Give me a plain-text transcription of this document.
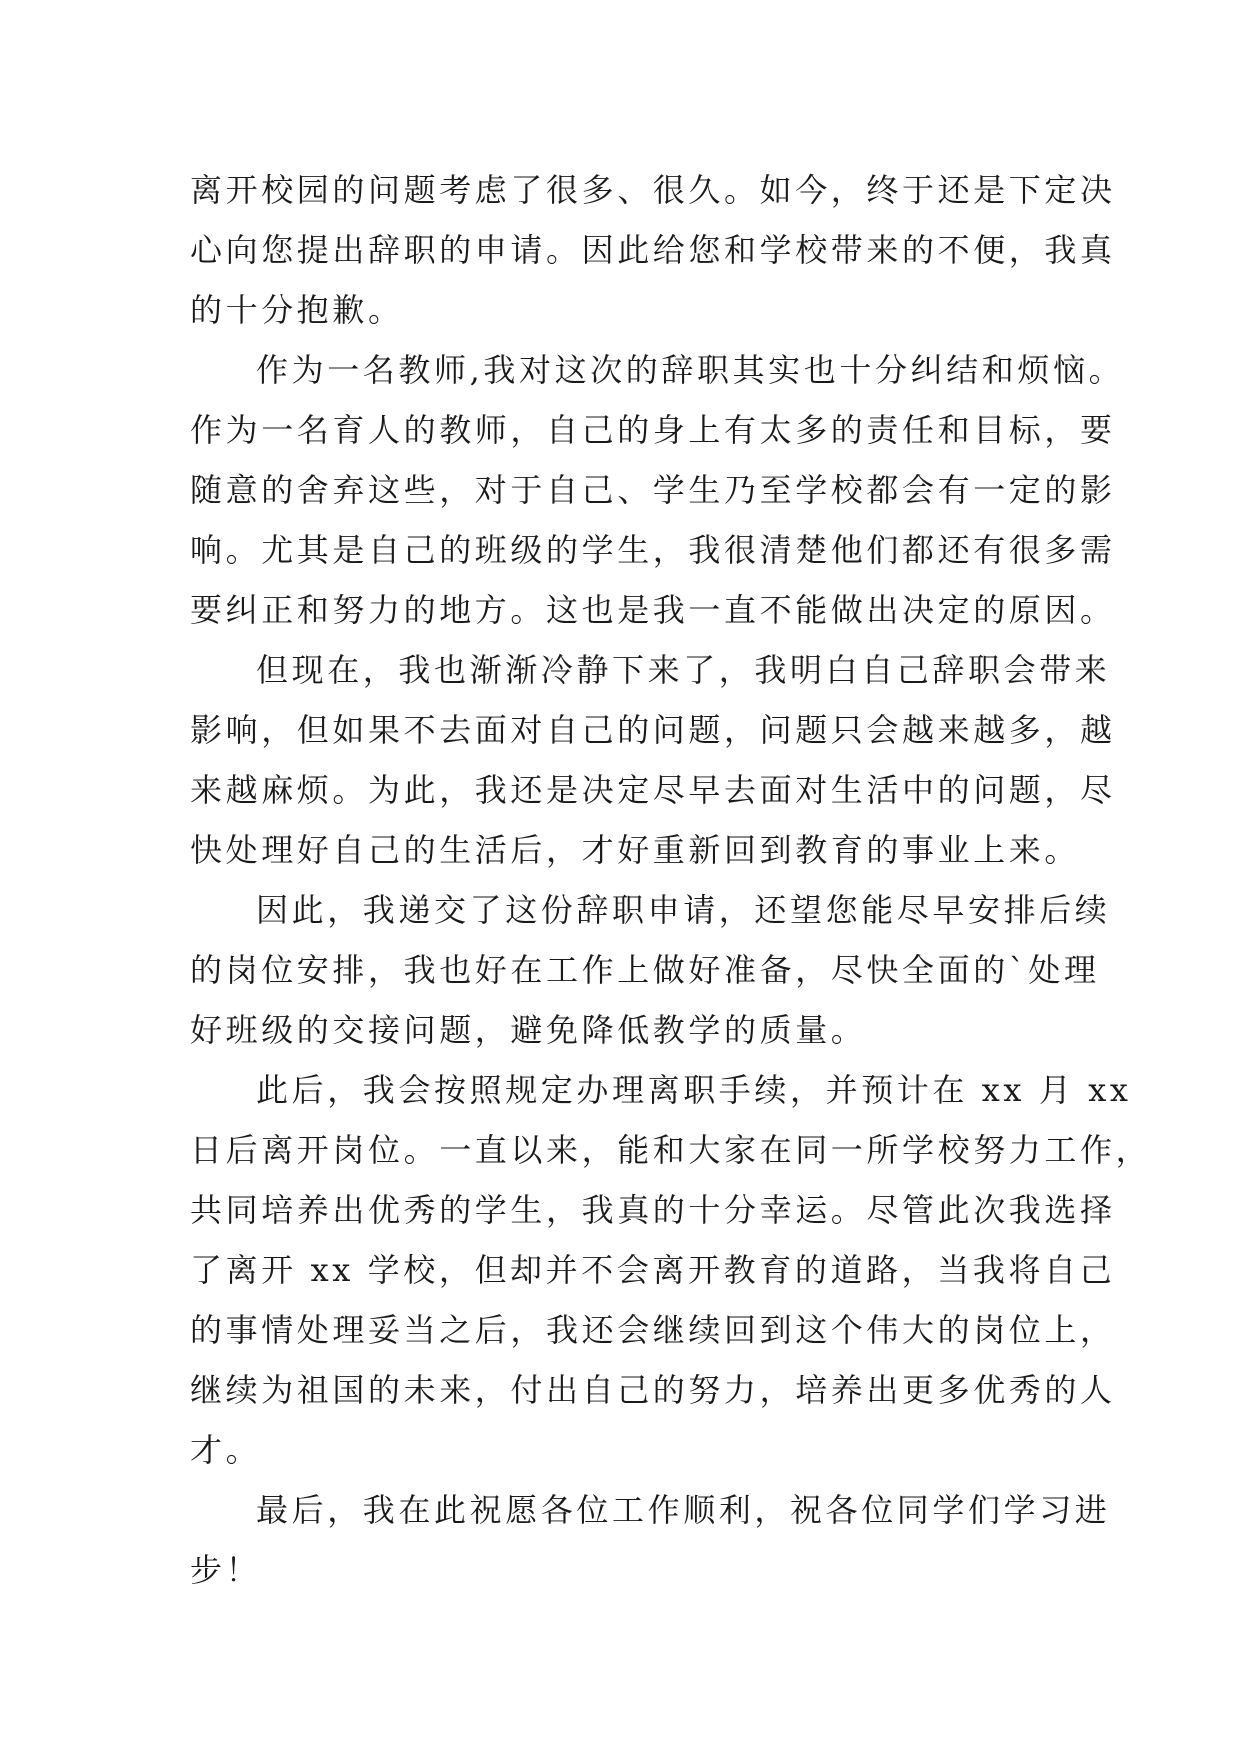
离开校园的问题考虑了很多、很久。如今，终于还是下定决
心向您提出辞职的申请。因此给您和学校带来的不便，我真
的十分抱歉。
作为一名教师,我对这次的辞职其实也十分纠结和烦恼。
作为一名育人的教师，自己的身上有太多的责任和目标，要
随意的舍弃这些，对于自己、学生乃至学校都会有一定的影
响。尤其是自己的班级的学生，我很清楚他们都还有很多需
要纠正和努力的地方。这也是我一直不能做出决定的原因。
但现在，我也渐渐冷静下来了，我明白自己辞职会带来
影响，但如果不去面对自己的问题，问题只会越来越多，越
来越麻烦。为此，我还是决定尽早去面对生活中的问题，尽
快处理好自己的生活后，才好重新回到教育的事业上来。
因此，我递交了这份辞职申请，还望您能尽早安排后续
的岗位安排，我也好在工作上做好准备，尽快全面的`处理
好班级的交接问题，避免降低教学的质量。
此后，我会按照规定办理离职手续，并预计在 xx 月 xx
日后离开岗位。一直以来，能和大家在同一所学校努力工作，
共同培养出优秀的学生，我真的十分幸运。尽管此次我选择
了离开 xx 学校，但却并不会离开教育的道路，当我将自己
的事情处理妥当之后，我还会继续回到这个伟大的岗位上，
继续为祖国的未来，付出自己的努力，培养出更多优秀的人
才。
最后，我在此祝愿各位工作顺利，祝各位同学们学习进
步！
